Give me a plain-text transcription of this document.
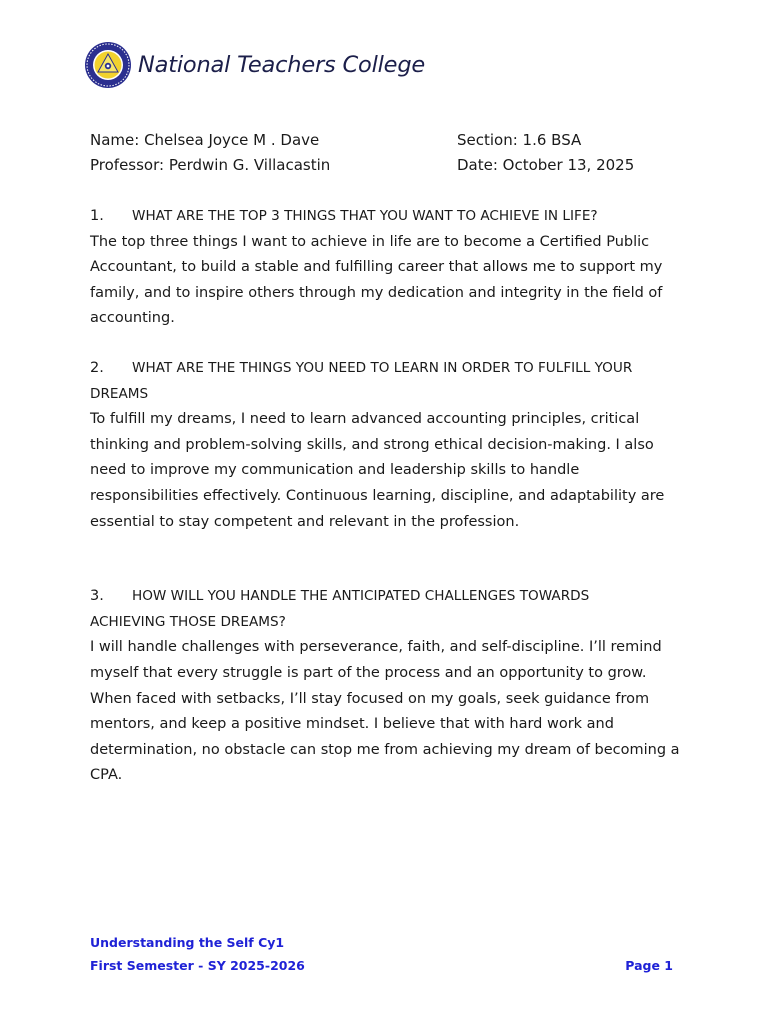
National Teachers College
Name: Chelsea Joyce M . Dave	Section: 1.6 BSA
Professor: Perdwin G. Villacastin	Date: October 13, 2025
1.	WHAT ARE THE TOP 3 THINGS THAT YOU WANT TO ACHIEVE IN LIFE?

The top three things I want to achieve in life are to become a Certified Public Accountant, to build a stable and fulfilling career that allows me to support my family, and to inspire others through my dedication and integrity in the field of accounting.

2.	WHAT ARE THE THINGS YOU NEED TO LEARN IN ORDER TO FULFILL YOUR
DREAMS

To fulfill my dreams, I need to learn advanced accounting principles, critical thinking and problem-solving skills, and strong ethical decision-making. I also need to improve my communication and leadership skills to handle responsibilities effectively. Continuous learning, discipline, and adaptability are essential to stay competent and relevant in the profession.

3.	HOW WILL YOU HANDLE THE ANTICIPATED CHALLENGES TOWARDS
ACHIEVING THOSE DREAMS?

I will handle challenges with perseverance, faith, and self-discipline. I’ll remind myself that every struggle is part of the process and an opportunity to grow. When faced with setbacks, I’ll stay focused on my goals, seek guidance from mentors, and keep a positive mindset. I believe that with hard work and determination, no obstacle can stop me from achieving my dream of becoming a CPA.

Understanding the Self Cy1
First Semester - SY 2025-2026	Page 1
